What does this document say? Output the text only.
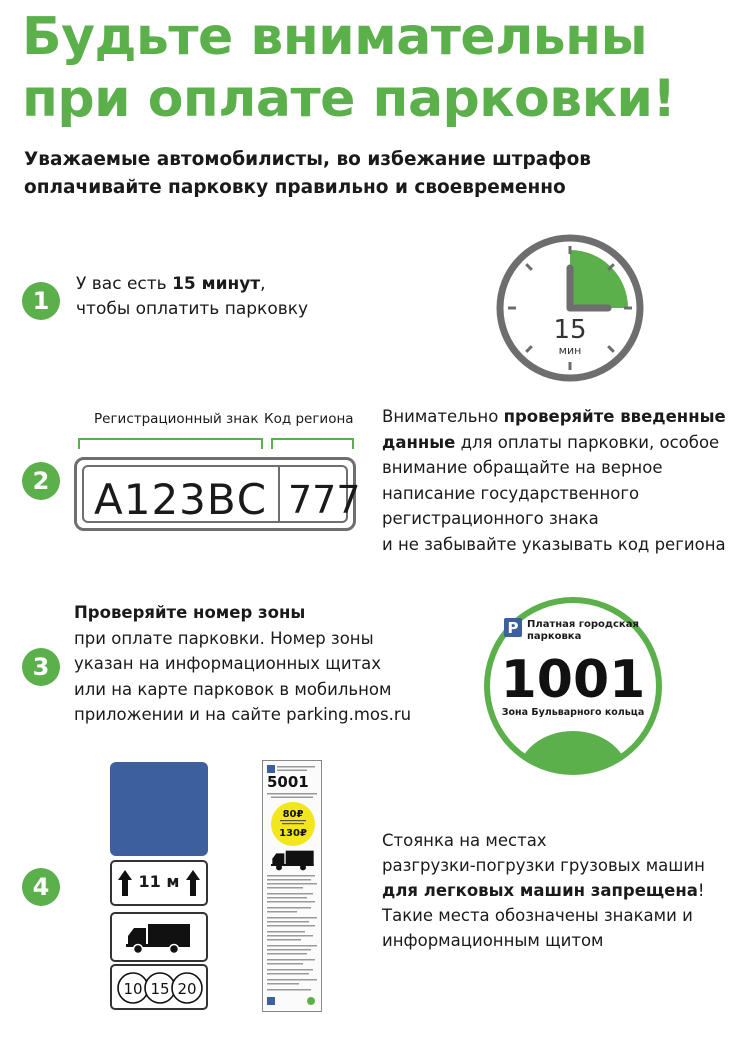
Будьте внимательны
при оплате парковки!
Уважаемые автомобилисты, во избежание штрафов
оплачивайте парковку правильно и своевременно
1
У вас есть 15 минут,
чтобы оплатить парковку
15
мин
2
Регистрационный знак Код региона
А123ВС 777
Внимательно проверяйте введенные
данные для оплаты парковки, особое
внимание обращайте на верное
написание государственного
регистрационного знака
и не забывайте указывать код региона
3
Проверяйте номер зоны
при оплате парковки. Номер зоны
указан на информационных щитах
или на карте парковок в мобильном
приложении и на сайте parking.mos.ru
P Платная городская
парковка
1001
Зона Бульварного кольца
4	11 м
10 15 20
5001
80₽
130₽	Стоянка на местах
разгрузки-погрузки грузовых машин
для легковых машин запрещена!
Такие места обозначены знаками и
информационным щитом
